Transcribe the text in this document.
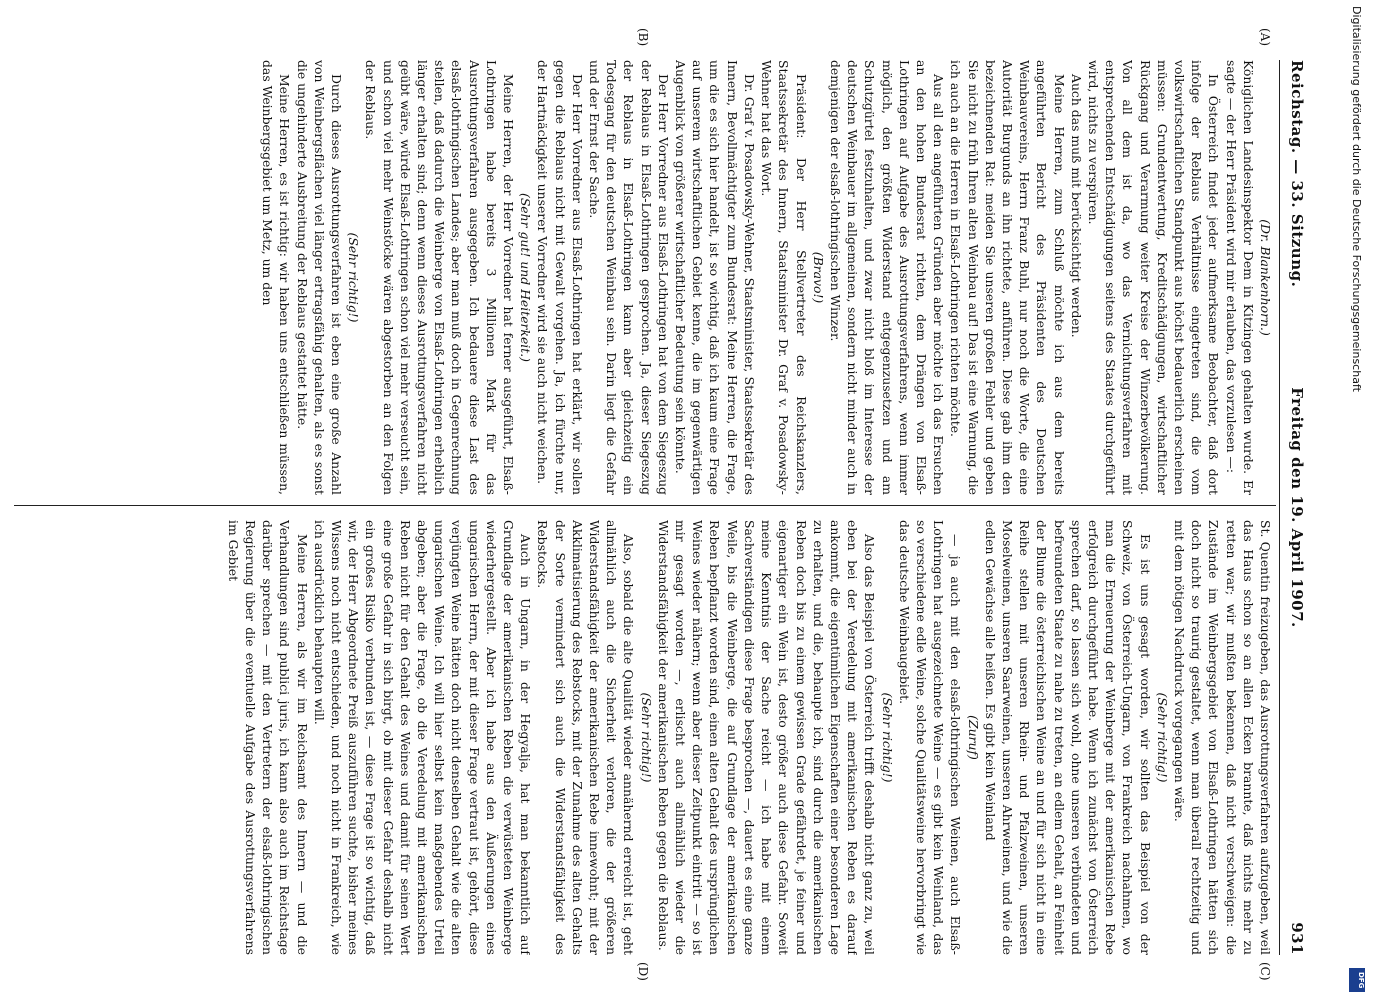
Reichstag. — 33. Sitzung.
Freitag den 19. April 1907.
931
(A)
(B)
(C)
(D)

(Dr. Blankenhorn.)

Königlichen Landesinspektor Dem in Kitzingen gehalten wurde. Er sagte — der Herr Präsident wird mir erlauben, das vorzulesen —:

In Österreich findet jeder aufmerksame Beobachter, daß dort infolge der Reblaus Verhältnisse eingetreten sind, die vom volkswirtschaftlichen Standpunkt aus höchst bedauerlich erscheinen müssen: Grundentwertung, Kreditschädigungen, wirtschaftlicher Rückgang und Verarmung weiter Kreise der Winzerbevölkerung. Von all dem ist da, wo das Vernichtungsverfahren mit entsprechenden Entschädigungen seitens des Staates durchgeführt wird, nichts zu verspüren.

Auch das muß mit berücksichtigt werden.

Meine Herren, zum Schluß möchte ich aus dem bereits angeführten Bericht des Präsidenten des Deutschen Weinbauvereins, Herrn Franz Buhl, nur noch die Worte, die eine Autorität Burgunds an ihn richtete, anführen. Diese gab ihm den bezeichnenden Rat: meiden Sie unseren großen Fehler und geben Sie nicht zu früh Ihren alten Weinbau auf! Das ist eine Warnung, die ich auch an die Herren in Elsaß-Lothringen richten möchte.

Aus all den angeführten Gründen aber möchte ich das Ersuchen an den hohen Bundesrat richten, dem Drängen von Elsaß-Lothringen auf Aufgabe des Ausrottungsverfahrens, wenn immer möglich, den größten Widerstand entgegenzusetzen und am Schutzgürtel festzuhalten, und zwar nicht bloß im Interesse der deutschen Weinbauer im allgemeinen, sondern nicht minder auch in demjenigen der elsaß-lothringischen Winzer.

(Bravo!)

Präsident: Der Herr Stellvertreter des Reichskanzlers, Staatssekretär des Innern, Staatsminister Dr. Graf v. Posadowsky-Wehner hat das Wort.

Dr. Graf v. Posadowsky-Wehner, Staatsminister, Staatssekretär des Innern, Bevollmächtigter zum Bundesrat: Meine Herren, die Frage, um die es sich hier handelt, ist so wichtig, daß ich kaum eine Frage auf unserem wirtschaftlichen Gebiet kenne, die im gegenwärtigen Augenblick von größerer wirtschaftlicher Bedeutung sein könnte.

Der Herr Vorredner aus Elsaß-Lothringen hat von dem Siegeszug der Reblaus in Elsaß-Lothringen gesprochen. Ja, dieser Siegeszug der Reblaus in Elsaß-Lothringen kann aber gleichzeitig ein Todesgang für den deutschen Weinbau sein. Darin liegt die Gefahr und der Ernst der Sache.

Der Herr Vorredner aus Elsaß-Lothringen hat erklärt, wir sollen gegen die Reblaus nicht mit Gewalt vorgehen. Ja, ich fürchte nur, der Hartnäckigkeit unserer Vorredner wird sie auch nicht weichen.

(Sehr gut! und Heiterkeit.)

Meine Herren, der Herr Vorredner hat ferner ausgeführt, Elsaß-Lothringen habe bereits 3 Millionen Mark für das Ausrottungsverfahren ausgegeben. Ich bedauere diese Last des elsaß-lothringischen Landes; aber man muß doch in Gegenrechnung stellen, daß dadurch die Weinberge von Elsaß-Lothringen erheblich länger erhalten sind; denn wenn dieses Ausrottungsverfahren nicht geübt wäre, würde Elsaß-Lothringen schon viel mehr verseucht sein, und schon viel mehr Weinstöcke wären abgestorben an den Folgen der Reblaus.

(Sehr richtig!)

Durch dieses Ausrottungsverfahren ist eben eine große Anzahl von Weinbergsflächen viel länger ertragsfähig gehalten, als es sonst die ungehinderte Ausbreitung der Reblaus gestattet hätte.

Meine Herren, es ist richtig: wir haben uns entschließen müssen, das Weinbergsgebiet um Metz, um den

St. Quentin freizugeben, das Ausrottungsverfahren aufzugeben, weil das Haus schon so an allen Ecken brannte, daß nichts mehr zu retten war; wir mußten bekennen, daß nicht verschweigen: die Zustände im Weinbergsgebiet von Elsaß-Lothringen hätten sich doch nicht so traurig gestaltet, wenn man überall rechtzeitig und mit dem nötigen Nachdruck vorgegangen wäre.

(Sehr richtig!)

Es ist uns gesagt worden, wir sollten das Beispiel von der Schweiz, von Österreich-Ungarn, von Frankreich nachahmen, wo man die Erneuerung der Weinberge mit der amerikanischen Rebe erfolgreich durchgeführt habe. Wenn ich zunächst von Österreich sprechen darf, so lassen sich wohl, ohne unseren verbündeten und befreundeten Staate zu nahe zu treten, an edlem Gehalt, an Feinheit der Blume die österreichischen Weine an und für sich nicht in eine Reihe stellen mit unseren Rhein- und Pfalzweinen, unseren Moselweinen, unseren Saarweinen, unseren Ahrweinen, und wie die edlen Gewächse alle heißen. Es gibt kein Weinland

(Zuruf)

— ja auch mit den elsaß-lothringischen Weinen, auch Elsaß-Lothringen hat ausgezeichnete Weine — es gibt kein Weinland, das so verschiedene edle Weine, solche Qualitätsweine hervorbringt wie das deutsche Weinbaugebiet.

(Sehr richtig!)

Also das Beispiel von Österreich trifft deshalb nicht ganz zu, weil eben bei der Veredelung mit amerikanischen Reben es darauf ankommt, die eigentümlichen Eigenschaften einer besonderen Lage zu erhalten, und die, behaupte ich, sind durch die amerikanischen Reben doch bis zu einem gewissen Grade gefährdet, je feiner und eigenartiger ein Wein ist, desto größer auch diese Gefahr. Soweit meine Kenntnis der Sache reicht — ich habe mit einem Sachverständigen diese Frage besprochen —, dauert es eine ganze Weile, bis die Weinberge, die auf Grundlage der amerikanischen Reben bepflanzt worden sind, einen alten Gehalt des ursprünglichen Weines wieder nähern; wenn aber dieser Zeitpunkt eintritt — so ist mir gesagt worden —, erlischt auch allmählich wieder die Widerstandsfähigkeit der amerikanischen Reben gegen die Reblaus.

(Sehr richtig!)

Also, sobald die alte Qualität wieder annähernd erreicht ist, geht allmählich auch die Sicherheit verloren, die der größeren Widerstandsfähigkeit der amerikanischen Rebe innewohnt; mit der Akklimatisierung des Rebstocks, mit der Zunahme des alten Gehalts der Sorte vermindert sich auch die Widerstandsfähigkeit des Rebstocks.

Auch in Ungarn, in der Hegyalja, hat man bekanntlich auf Grundlage der amerikanischen Reben die verwüsteten Weinberge wiederhergestellt. Aber ich habe aus den Äußerungen eines ungarischen Herrn, der mit dieser Frage vertraut ist, gehört, diese verjüngten Weine hätten doch nicht denselben Gehalt wie die alten ungarischen Weine. Ich will hier selbst kein maßgebendes Urteil abgeben; aber die Frage, ob die Veredelung mit amerikanischen Reben nicht für den Gehalt des Weines und damit für seinen Wert eine große Gefahr in sich birgt, ob mit dieser Gefahr deshalb nicht ein großes Risiko verbunden ist, — diese Frage ist so wichtig, daß wir, der Herr Abgeordnete Preiß auszuführen suchte, bisher meines Wissens noch nicht entschieden, und noch nicht in Frankreich, wie ich ausdrücklich behaupten will.

Meine Herren, als wir im Reichsamt des Innern — und die Verhandlungen sind publici juris, ich kann also auch im Reichstage darüber sprechen — mit den Vertretern der elsaß-lothringischen Regierung über die eventuelle Aufgabe des Ausrottungsverfahrens im Gebiet

Digitalisierung gefördert durch die Deutsche Forschungsgemeinschaft
DFG
